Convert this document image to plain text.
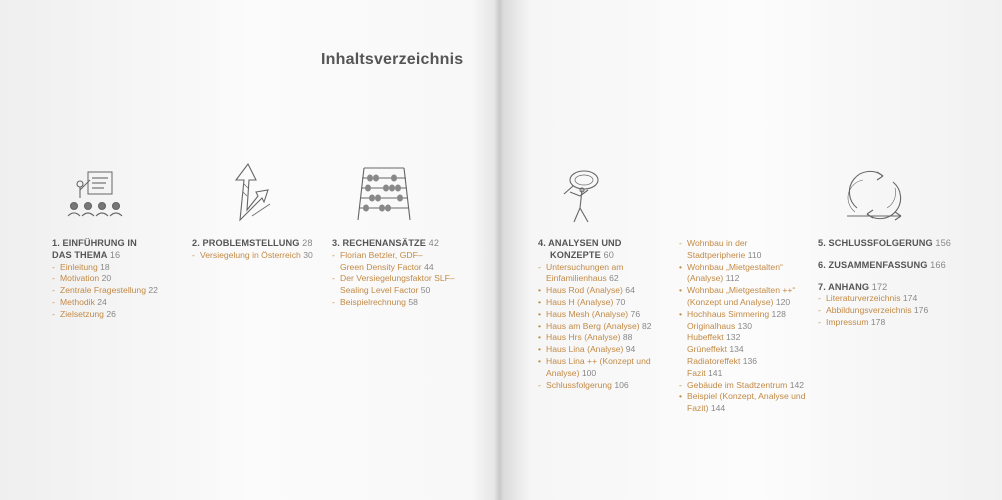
Inhaltsverzeichnis
1. EINFÜHRUNG IN
DAS THEMA 16
- Einleitung 18
- Motivation 20
- Zentrale Fragestellung 22
- Methodik 24
- Zielsetzung 26
2. PROBLEMSTELLUNG 28
- Versiegelung in Österreich 30
3. RECHENANSÄTZE 42
- Florian Betzler, GDF–
Green Density Factor 44
- Der Versiegelungsfaktor SLF–
Sealing Level Factor 50
- Beispielrechnung 58
4. ANALYSEN UND
KONZEPTE 60
- Untersuchungen am
Einfamilienhaus 62
• Haus Rod (Analyse) 64
• Haus H (Analyse) 70
• Haus Mesh (Analyse) 76
• Haus am Berg (Analyse) 82
• Haus Hrs (Analyse) 88
• Haus Lina (Analyse) 94
• Haus Lina ++ (Konzept und
Analyse) 100
- Schlussfolgerung 106
- Wohnbau in der
Stadtperipherie 110
• Wohnbau „Mietgestalten“
(Analyse) 112
• Wohnbau „Mietgestalten ++“
(Konzept und Analyse) 120
• Hochhaus Simmering 128
Originalhaus 130
Hubeffekt 132
Grüneffekt 134
Radiatoreffekt 136
Fazit 141
- Gebäude im Stadtzentrum 142
• Beispiel (Konzept, Analyse und
Fazit) 144
5. SCHLUSSFOLGERUNG 156
6. ZUSAMMENFASSUNG 166
7. ANHANG 172
- Literaturverzeichnis 174
- Abbildungsverzeichnis 176
- Impressum 178
